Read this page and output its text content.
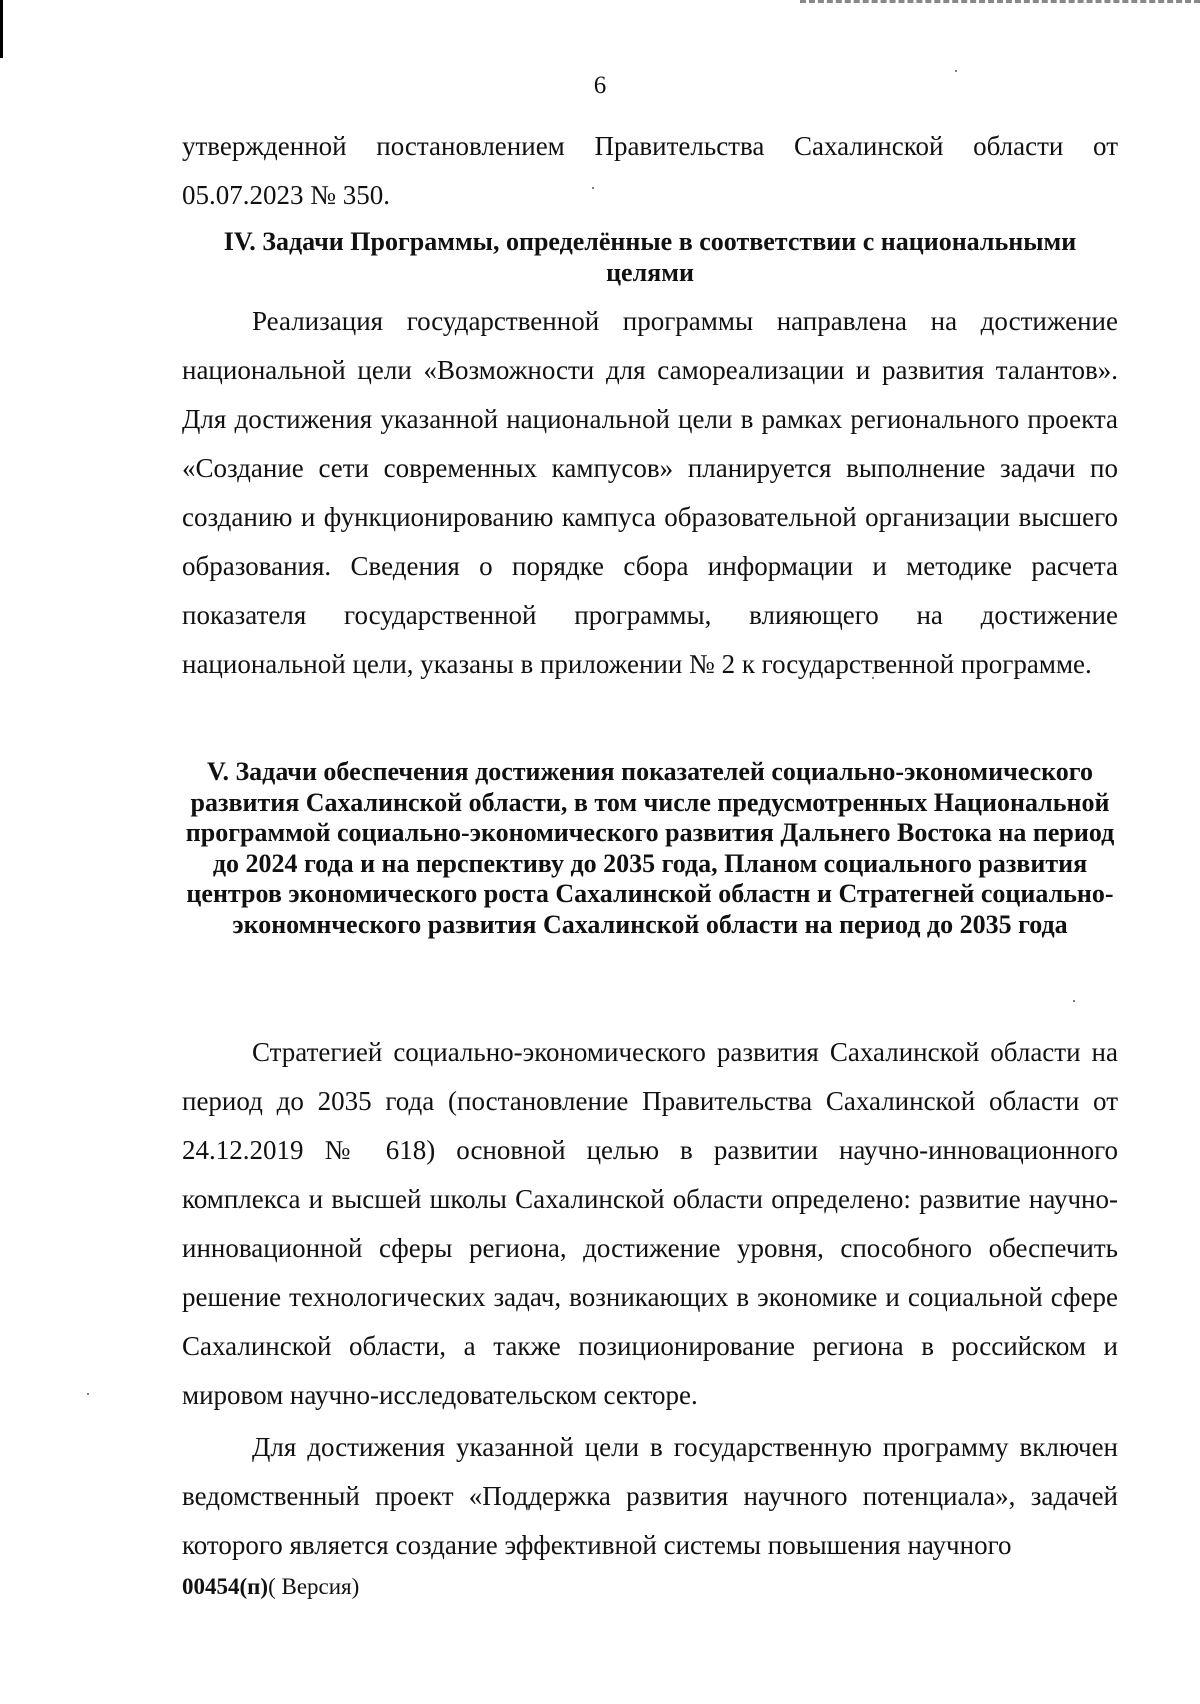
6

утвержденной постановлением Правительства Сахалинской области от 05.07.2023 № 350.

IV. Задачи Программы, определённые в соответствии с национальными целями

Реализация государственной программы направлена на достижение национальной цели «Возможности для самореализации и развития талантов». Для достижения указанной национальной цели в рамках регионального проекта «Создание сети современных кампусов» планируется выполнение задачи по созданию и функционированию кампуса образовательной организации высшего образования. Сведения о порядке сбора информации и методике расчета показателя государственной программы, влияющего на достижение национальной цели, указаны в приложении № 2 к государственной программе.

V. Задачи обеспечения достижения показателей социально-экономического развития Сахалинской области, в том числе предусмотренных Национальной программой социально-экономического развития Дальнего Востока на период до 2024 года и на перспективу до 2035 года, Планом социального развития центров экономического роста Сахалинской областн и Стратегней социально-экономнческого развития Сахалинской области на период до 2035 года

Стратегией социально-экономического развития Сахалинской области на период до 2035 года (постановление Правительства Сахалинской области от 24.12.2019 № 618) основной целью в развитии научно-инновационного комплекса и высшей школы Сахалинской области определено: развитие научно-инновационной сферы региона, достижение уровня, способного обеспечить решение технологических задач, возникающих в экономике и социальной сфере Сахалинской области, а также позиционирование региона в российском и мировом научно-исследовательском секторе.

Для достижения указанной цели в государственную программу включен ведомственный проект «Поддержка развития научного потенциала», задачей которого является создание эффективной системы повышения научного

00454(п)( Версия)
